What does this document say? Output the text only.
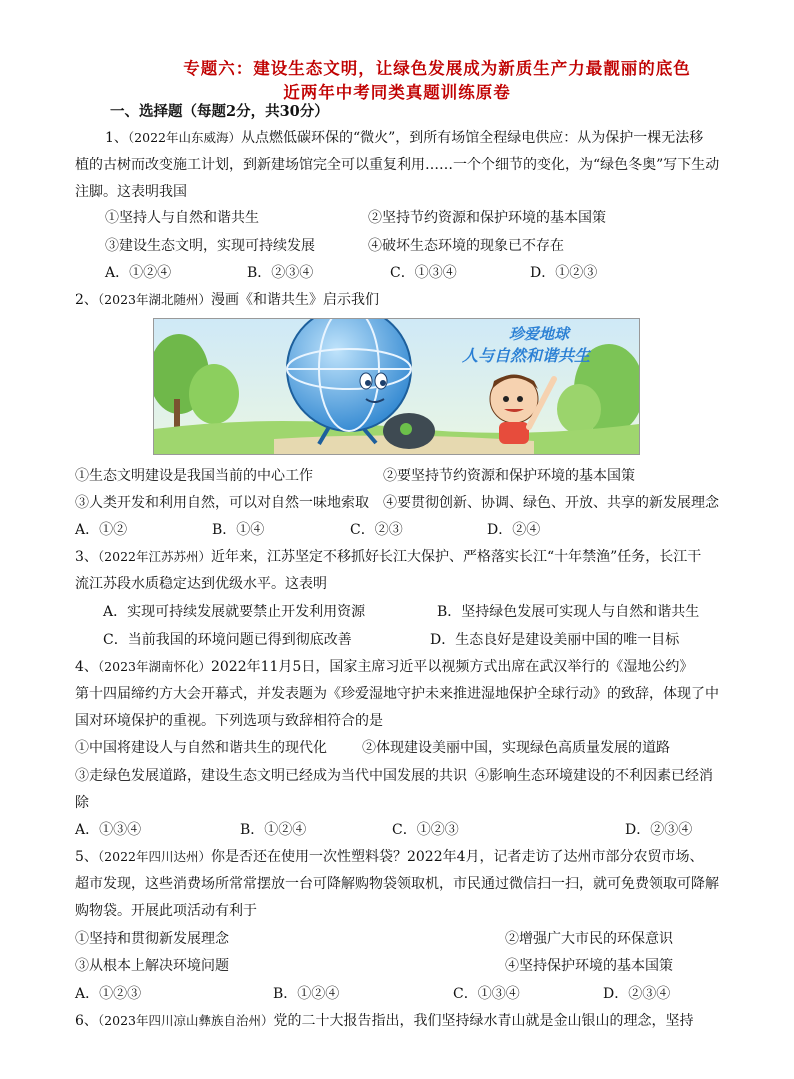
专题六：建设生态文明，让绿色发展成为新质生产力最靓丽的底色
近两年中考同类真题训练原卷
一、选择题（每题2分，共30分）
1、（2022年山东威海）从点燃低碳环保的“微火”，到所有场馆全程绿电供应：从为保护一棵无法移
植的古树而改变施工计划，到新建场馆完全可以重复利用……一个个细节的变化，为“绿色冬奥”写下生动
注脚。这表明我国
①坚持人与自然和谐共生	②坚持节约资源和保护环境的基本国策
③建设生态文明，实现可持续发展	④破坏生态环境的现象已不存在
A．①②④	B．②③④	C．①③④	D．①②③
2、（2023年湖北随州）漫画《和谐共生》启示我们
珍爱地球
人与自然和谐共生
①生态文明建设是我国当前的中心工作	②要坚持节约资源和保护环境的基本国策
③人类开发和利用自然，可以对自然一味地索取 ④要贯彻创新、协调、绿色、开放、共享的新发展理念
A．①②	B．①④	C．②③	D．②④
3、（2022年江苏苏州）近年来，江苏坚定不移抓好长江大保护、严格落实长江“十年禁渔”任务，长江干
流江苏段水质稳定达到优级水平。这表明
A．实现可持续发展就要禁止开发利用资源	B．坚持绿色发展可实现人与自然和谐共生
C．当前我国的环境问题已得到彻底改善	D．生态良好是建设美丽中国的唯一目标
4、（2023年湖南怀化）2022年11月5日，国家主席习近平以视频方式出席在武汉举行的《湿地公约》
第十四届缔约方大会开幕式，并发表题为《珍爱湿地守护未来推进湿地保护全球行动》的致辞，体现了中
国对环境保护的重视。下列选项与致辞相符合的是
①中国将建设人与自然和谐共生的现代化	②体现建设美丽中国，实现绿色高质量发展的道路
③走绿色发展道路，建设生态文明已经成为当代中国发展的共识 ④影响生态环境建设的不利因素已经消
除
A．①③④	B．①②④	C．①②③	D．②③④
5、（2022年四川达州）你是否还在使用一次性塑料袋？2022年4月，记者走访了达州市部分农贸市场、
超市发现，这些消费场所常常摆放一台可降解购物袋领取机，市民通过微信扫一扫，就可免费领取可降解
购物袋。开展此项活动有利于
①坚持和贯彻新发展理念	②增强广大市民的环保意识
③从根本上解决环境问题	④坚持保护环境的基本国策
A．①②③	B．①②④	C．①③④	D．②③④
6、（2023年四川凉山彝族自治州）党的二十大报告指出，我们坚持绿水青山就是金山银山的理念，坚持
